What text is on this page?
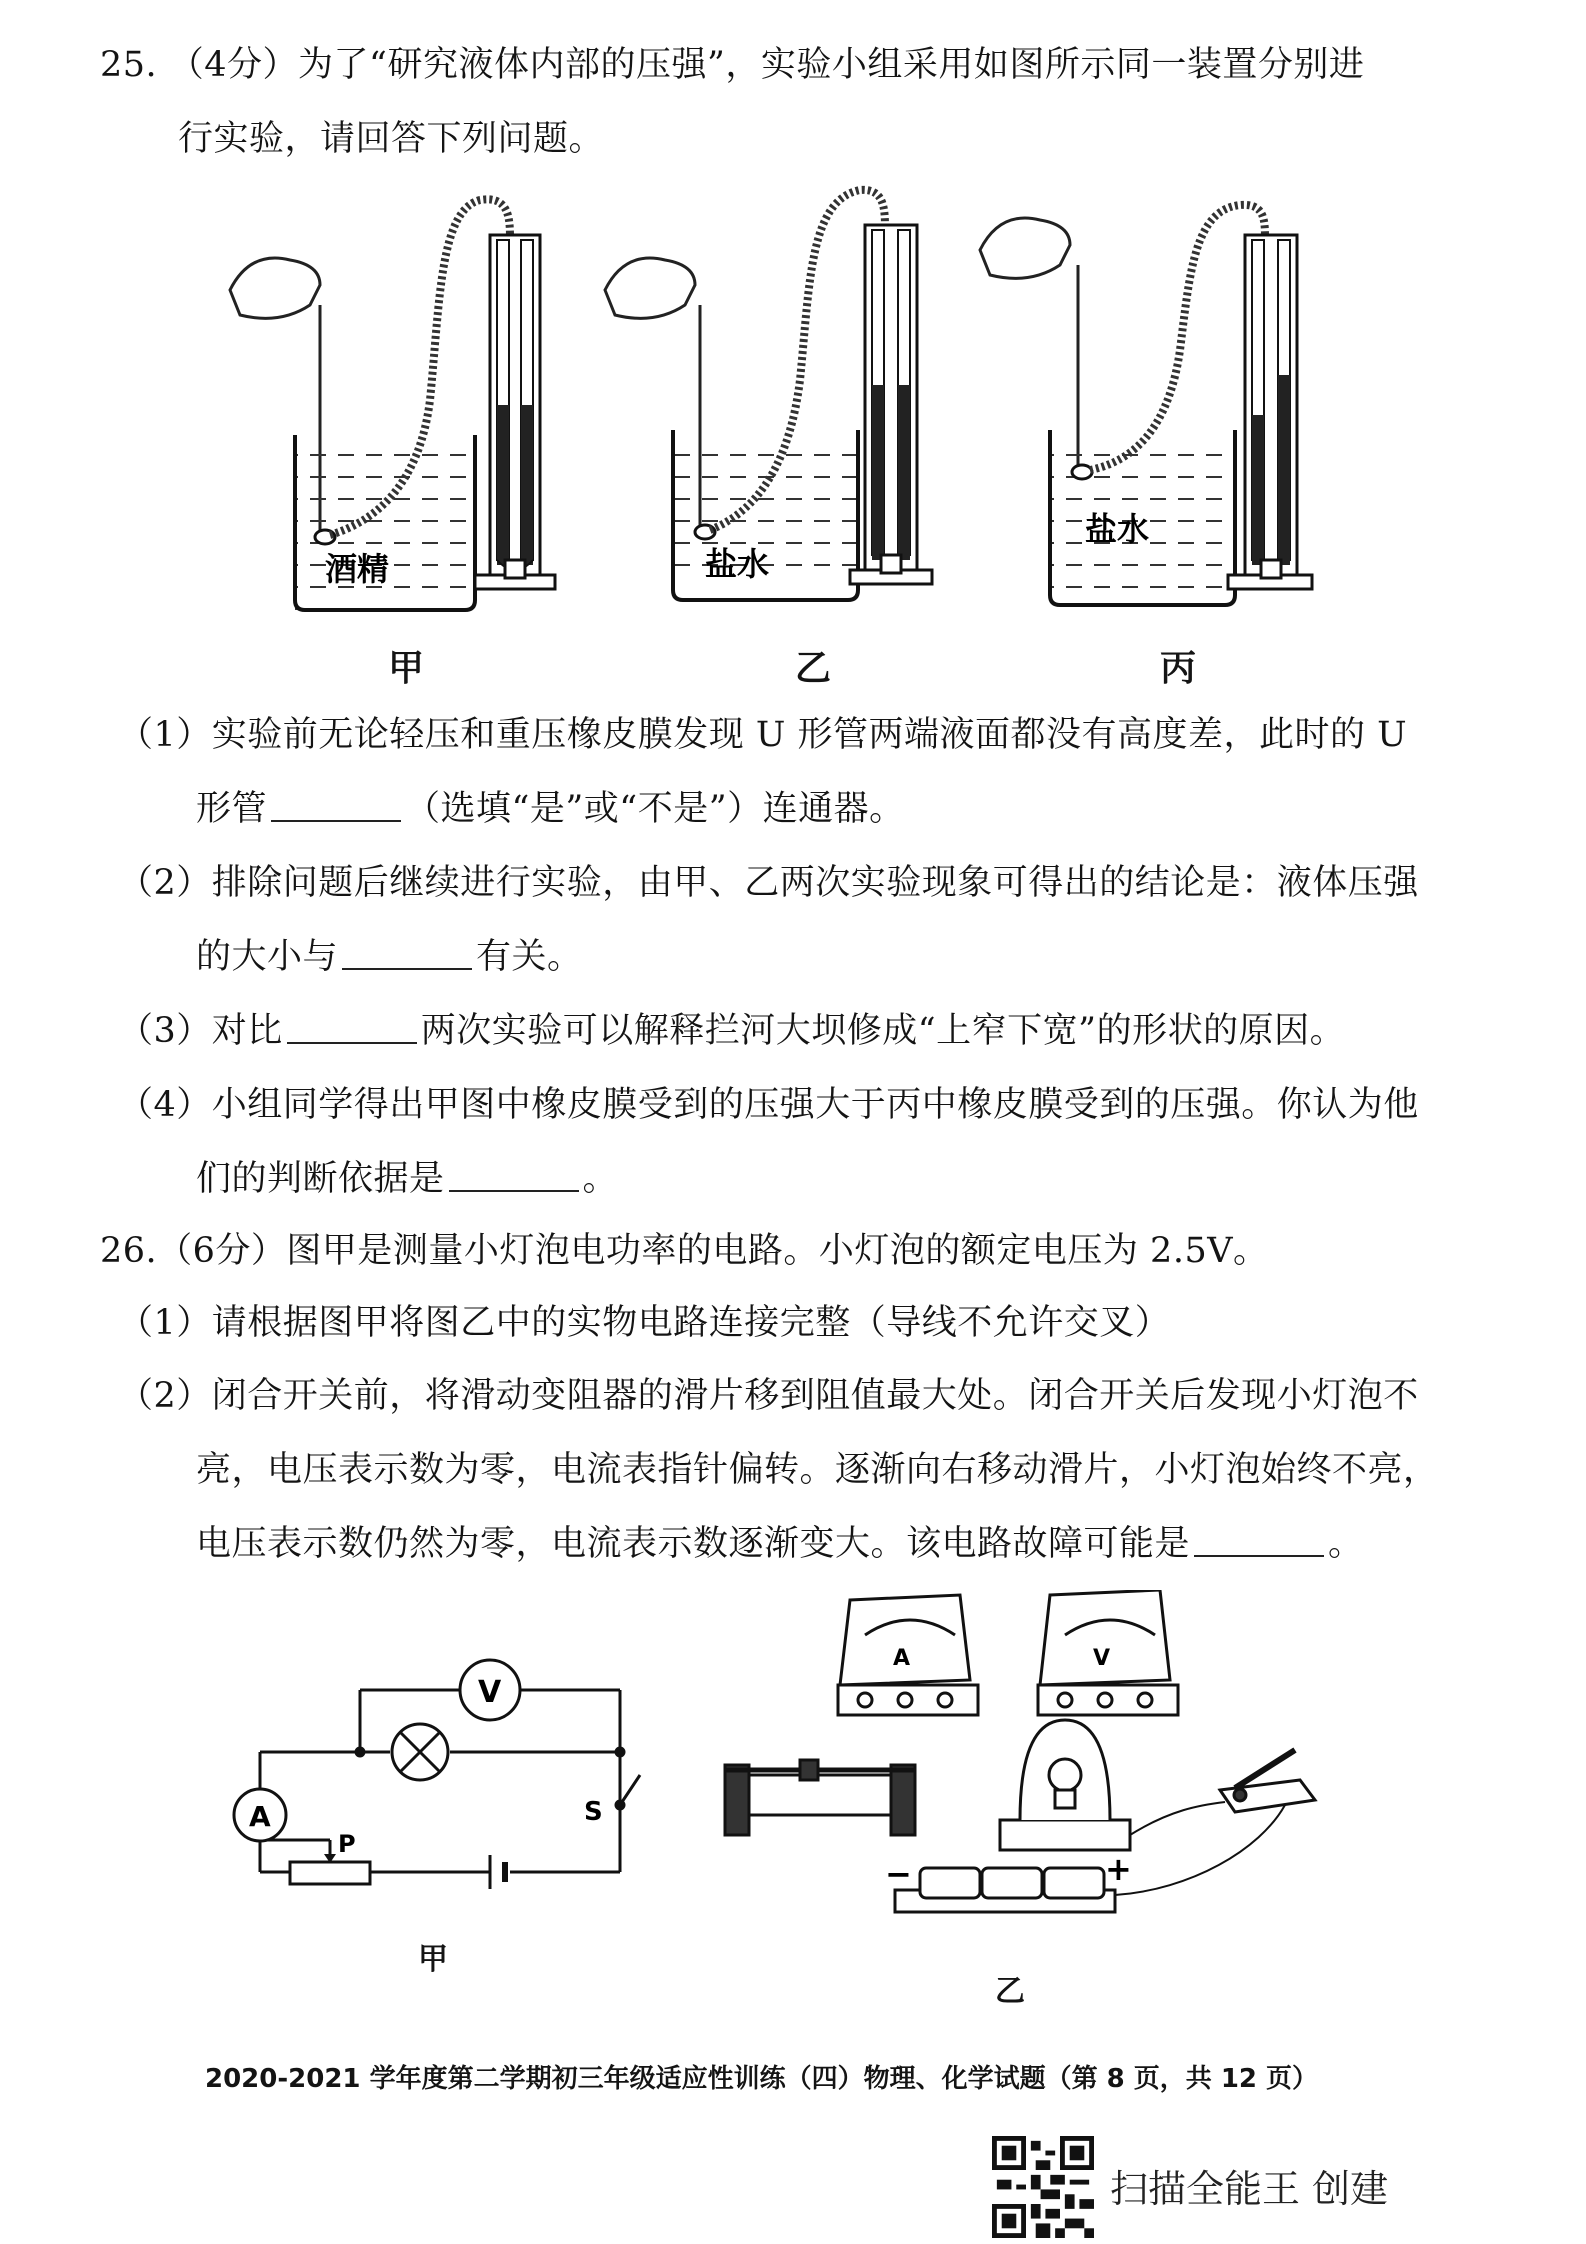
25. （4分）为了“研究液体内部的压强”，实验小组采用如图所示同一装置分别进
行实验，请回答下列问题。
酒精	盐水
盐水
甲	乙	丙
（1）实验前无论轻压和重压橡皮膜发现 U 形管两端液面都没有高度差，此时的 U
形管	（选填“是”或“不是”）连通器。
（2）排除问题后继续进行实验，由甲、乙两次实验现象可得出的结论是：液体压强
的大小与	有关。
（3）对比	两次实验可以解释拦河大坝修成“上窄下宽”的形状的原因。
（4）小组同学得出甲图中橡皮膜受到的压强大于丙中橡皮膜受到的压强。你认为他
们的判断依据是	。
26.（6分）图甲是测量小灯泡电功率的电路。小灯泡的额定电压为 2.5V。
（1）请根据图甲将图乙中的实物电路连接完整（导线不允许交叉）
（2）闭合开关前，将滑动变阻器的滑片移到阻值最大处。闭合开关后发现小灯泡不
亮，电压表示数为零，电流表指针偏转。逐渐向右移动滑片，小灯泡始终不亮，
电压表示数仍然为零，电流表示数逐渐变大。该电路故障可能是	。
V
A	S
P
甲
−	+
A	V
乙
2020-2021 学年度第二学期初三年级适应性训练（四）物理、化学试题（第 8 页，共 12 页）
扫描全能王 创建
